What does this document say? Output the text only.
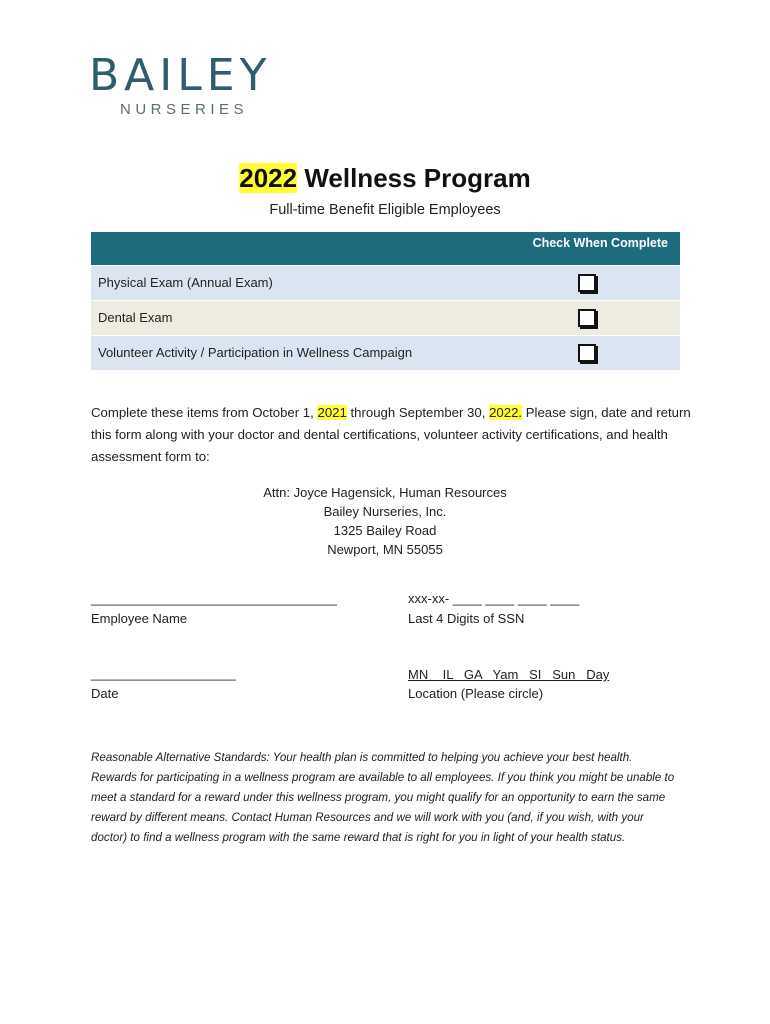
BAILEY
NURSERIES
2022 Wellness Program
Full-time Benefit Eligible Employees
Check When Complete
Physical Exam (Annual Exam)
Dental Exam
Volunteer Activity / Participation in Wellness Campaign
Complete these items from October 1, 2021 through September 30, 2022. Please sign, date and return this form along with your doctor and dental certifications, volunteer activity certifications, and health assessment form to:
Attn: Joyce Hagensick, Human Resources
Bailey Nurseries, Inc.
1325 Bailey Road
Newport, MN 55055
__________________________________
Employee Name
xxx-xx- ____ ____ ____ ____
Last 4 Digits of SSN
____________________
Date
MN    IL   GA   Yam   SI   Sun   Day
Location (Please circle)
Reasonable Alternative Standards: Your health plan is committed to helping you achieve your best health. Rewards for participating in a wellness program are available to all employees. If you think you might be unable to meet a standard for a reward under this wellness program, you might qualify for an opportunity to earn the same reward by different means. Contact Human Resources and we will work with you (and, if you wish, with your doctor) to find a wellness program with the same reward that is right for you in light of your health status.
